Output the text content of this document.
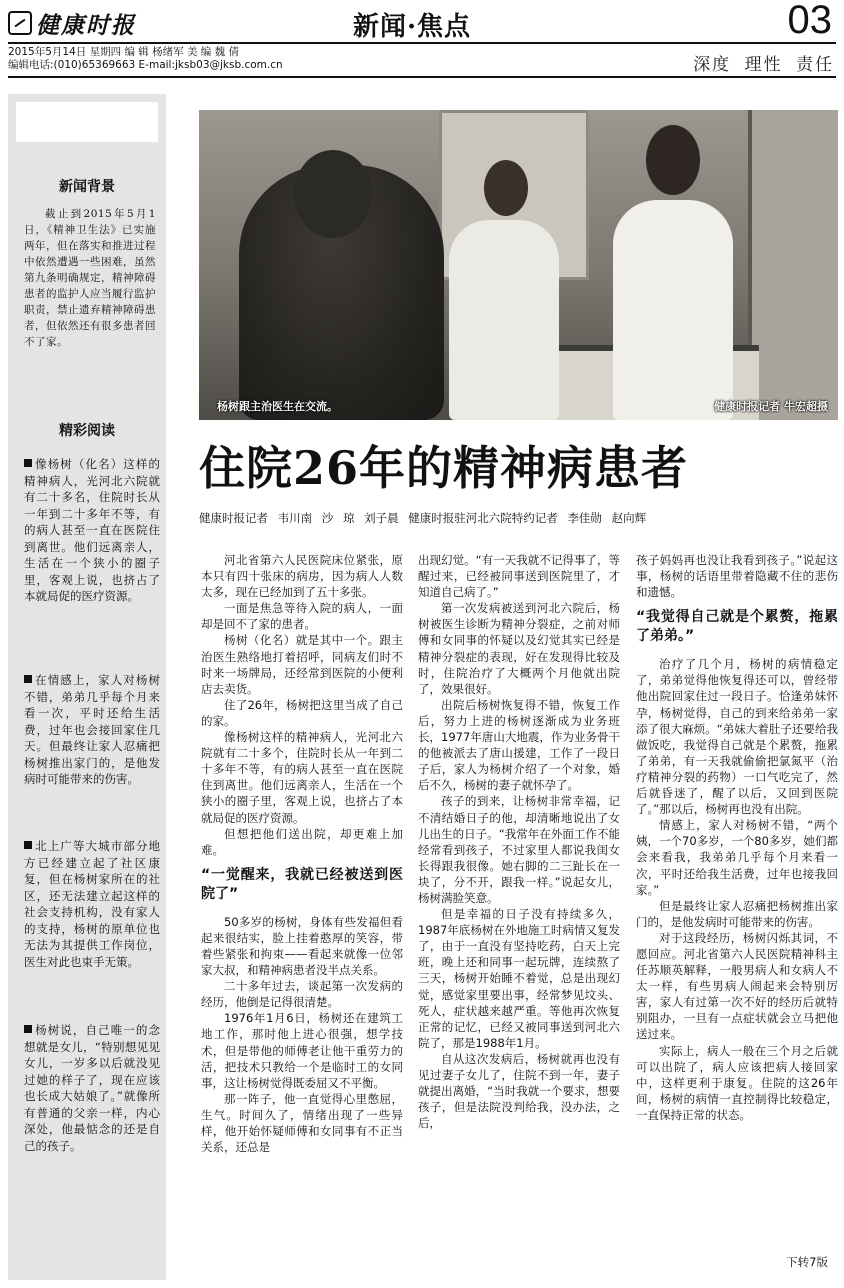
健康时报	新闻·焦点	03
2015年5月14日 星期四 编 辑 杨绪军 美 编 魏 倩
编辑电话:(010)65369663 E-mail:jksb03@jksb.com.cn	深度 理性 责任
新闻背景
截止到2015年5月1日，《精神卫生法》已实施两年，但在落实和推进过程中依然遭遇一些困难，虽然第九条明确规定，精神障碍患者的监护人应当履行监护职责，禁止遗弃精神障碍患者，但依然还有很多患者回不了家。
精彩阅读
像杨树（化名）这样的精神病人，光河北六院就有二十多名，住院时长从一年到二十多年不等，有的病人甚至一直在医院住到离世。他们远离亲人，生活在一个狭小的圈子里，客观上说，也挤占了本就局促的医疗资源。
在情感上，家人对杨树不错，弟弟几乎每个月来看一次，平时还给生活费，过年也会接回家住几天。但最终让家人忍痛把杨树推出家门的，是他发病时可能带来的伤害。
北上广等大城市部分地方已经建立起了社区康复，但在杨树家所在的社区，还无法建立起这样的社会支持机构，没有家人的支持，杨树的原单位也无法为其提供工作岗位，医生对此也束手无策。
杨树说，自己唯一的念想就是女儿，“特别想见见女儿，一岁多以后就没见过她的样子了，现在应该也长成大姑娘了。”就像所有普通的父亲一样，内心深处，他最惦念的还是自己的孩子。
杨树跟主治医生在交流。	健康时报记者 牛宏超摄
住院26年的精神病患者
健康时报记者 韦川南 沙 琼 刘子晨 健康时报驻河北六院特约记者 李佳勋 赵向辉

河北省第六人民医院床位紧张，原本只有四十张床的病房，因为病人人数太多，现在已经加到了五十多张。

一面是焦急等待入院的病人，一面却是回不了家的患者。

杨树（化名）就是其中一个。跟主治医生熟络地打着招呼，同病友们时不时来一场牌局，还经常到医院的小便利店去卖货。

住了26年，杨树把这里当成了自己的家。

像杨树这样的精神病人，光河北六院就有二十多个，住院时长从一年到二十多年不等，有的病人甚至一直在医院住到离世。他们远离亲人，生活在一个狭小的圈子里，客观上说，也挤占了本就局促的医疗资源。

但想把他们送出院，却更难上加难。

“一觉醒来，我就已经被送到医院了”

50多岁的杨树，身体有些发福但看起来很结实，脸上挂着憨厚的笑容，带着些紧张和拘束——看起来就像一位邻家大叔，和精神病患者没半点关系。

二十多年过去，谈起第一次发病的经历，他倒是记得很清楚。

1976年1月6日，杨树还在建筑工地工作，那时他上进心很强，想学技术，但是带他的师傅老让他干重劳力的活，把技术只教给一个是临时工的女同事，这让杨树觉得既委屈又不平衡。

那一阵子，他一直觉得心里憋屈，生气。时间久了，情绪出现了一些异样，他开始怀疑师傅和女同事有不正当关系，还总是

出现幻觉。“有一天我就不记得事了，等醒过来，已经被同事送到医院里了，才知道自己病了。”

第一次发病被送到河北六院后，杨树被医生诊断为精神分裂症，之前对师傅和女同事的怀疑以及幻觉其实已经是精神分裂症的表现，好在发现得比较及时，住院治疗了大概两个月他就出院了，效果很好。

出院后杨树恢复得不错，恢复工作后，努力上进的杨树逐渐成为业务班长，1977年唐山大地震，作为业务骨干的他被派去了唐山援建，工作了一段日子后，家人为杨树介绍了一个对象，婚后不久，杨树的妻子就怀孕了。

孩子的到来，让杨树非常幸福，记不清结婚日子的他，却清晰地说出了女儿出生的日子。“我常年在外面工作不能经常看到孩子，不过家里人都说我闺女长得跟我很像。她右脚的二三趾长在一块了，分不开，跟我一样。”说起女儿，杨树满脸笑意。

但是幸福的日子没有持续多久，1987年底杨树在外地施工时病情又复发了，由于一直没有坚持吃药，白天上完班，晚上还和同事一起玩牌，连续熬了三天，杨树开始睡不着觉，总是出现幻觉，感觉家里要出事，经常梦见坟头、死人，症状越来越严重。等他再次恢复正常的记忆，已经又被同事送到河北六院了，那是1988年1月。

自从这次发病后，杨树就再也没有见过妻子女儿了，住院不到一年，妻子就提出离婚，“当时我就一个要求，想要孩子，但是法院没判给我，没办法，之后，

孩子妈妈再也没让我看到孩子。”说起这事，杨树的话语里带着隐藏不住的悲伤和遗憾。

“我觉得自己就是个累赘，拖累了弟弟。”

治疗了几个月，杨树的病情稳定了，弟弟觉得他恢复得还可以，曾经带他出院回家住过一段日子。恰逢弟妹怀孕，杨树觉得，自己的到来给弟弟一家添了很大麻烦。“弟妹大着肚子还要给我做饭吃，我觉得自己就是个累赘，拖累了弟弟，有一天我就偷偷把氯氮平（治疗精神分裂的药物）一口气吃完了，然后就昏迷了，醒了以后，又回到医院了。”那以后，杨树再也没有出院。

情感上，家人对杨树不错，“两个姨，一个70多岁，一个80多岁，她们都会来看我，我弟弟几乎每个月来看一次，平时还给我生活费，过年也接我回家。”

但是最终让家人忍痛把杨树推出家门的，是他发病时可能带来的伤害。

对于这段经历，杨树闪烁其词，不愿回应。河北省第六人民医院精神科主任苏顺英解释，一般男病人和女病人不太一样，有些男病人闹起来会特别厉害，家人有过第一次不好的经历后就特别阻办，一旦有一点症状就会立马把他送过来。

实际上，病人一般在三个月之后就可以出院了，病人应该把病人接回家中，这样更利于康复。住院的这26年间，杨树的病情一直控制得比较稳定，一直保持正常的状态。

下转7版
